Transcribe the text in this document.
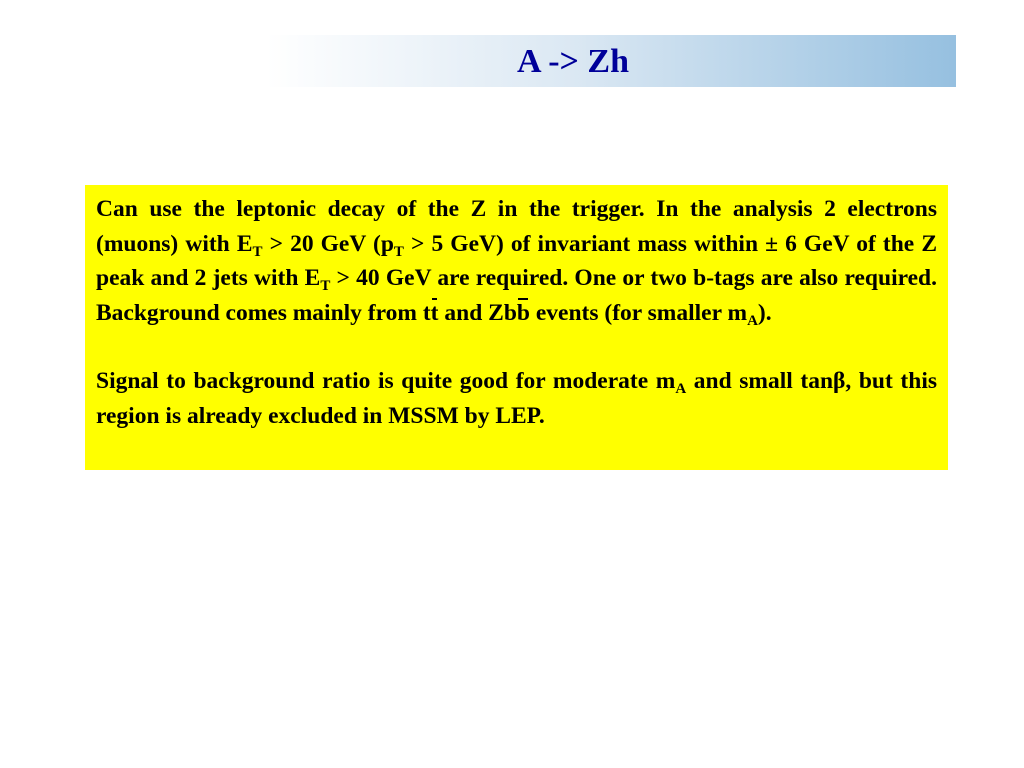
A -> Zh

Can use the leptonic decay of the Z in the trigger. In the analysis 2 electrons (muons) with $E_T > 20$ GeV ($p_T > 5$ GeV) of invariant mass within ± 6 GeV of the Z peak and 2 jets with $E_T > 40$ GeV are required. One or two b-tags are also required. Background comes mainly from tt and Zbb events (for smaller $m_A$).

Signal to background ratio is quite good for moderate $m_A$ and small tanβ, but this region is already excluded in MSSM by LEP.
